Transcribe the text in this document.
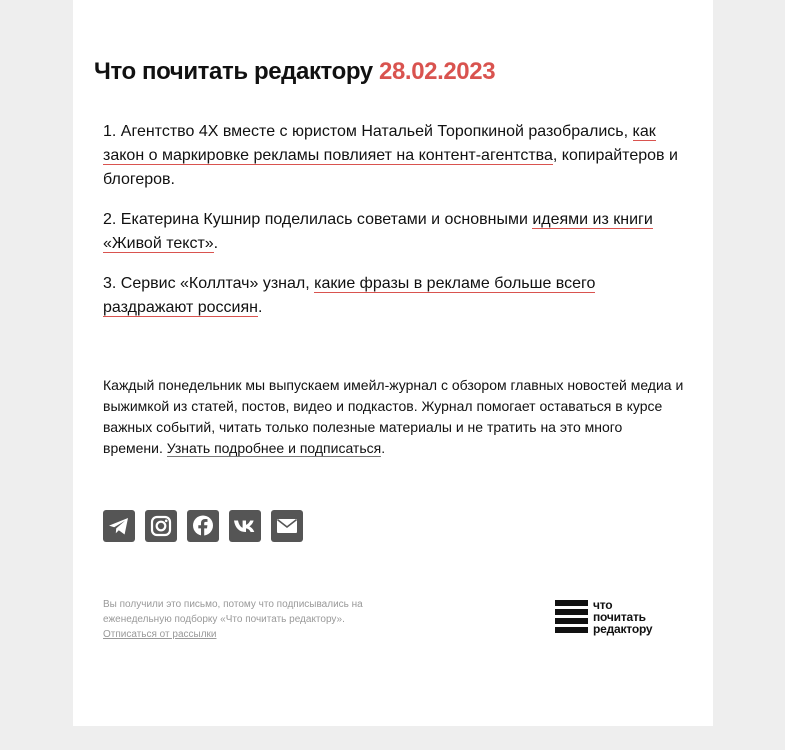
Что почитать редактору 28.02.2023

1. Агентство 4Х вместе с юристом Натальей Торопкиной разобрались, как закон о маркировке рекламы повлияет на контент-агентства, копирайтеров и блогеров.

2. Екатерина Кушнир поделилась советами и основными идеями из книги «Живой текст».

3. Сервис «Коллтач» узнал, какие фразы в рекламе больше всего раздражают россиян.

Каждый понедельник мы выпускаем имейл-журнал с обзором главных новостей медиа и выжимкой из статей, постов, видео и подкастов. Журнал помогает оставаться в курсе важных событий, читать только полезные материалы и не тратить на это много времени. Узнать подробнее и подписаться.

Вы получили это письмо, потому что подписывались на еженедельную подборку «Что почитать редактору».
Отписаться от рассылки

что
почитать
редактору
